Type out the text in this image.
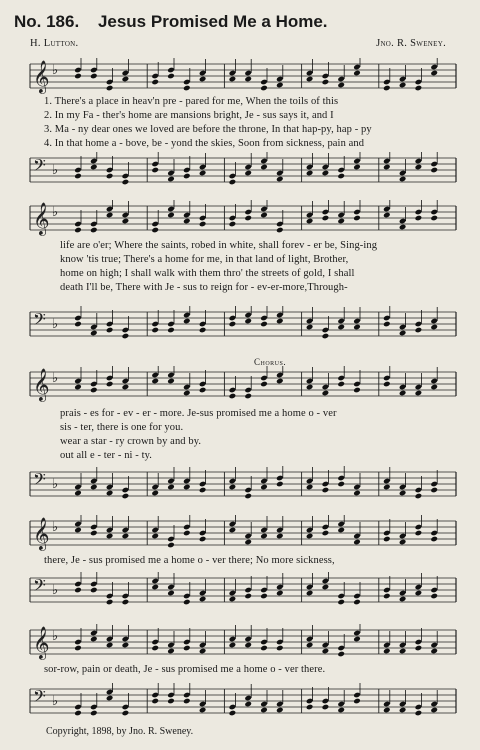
No. 186. Jesus Promised Me a Home.
H. Lutton.	Jno. R. Sweney.
𝄞 ♭
1. There's a place in heav'n pre - pared for me, When the toils of this
2. In my Fa - ther's home are mansions bright, Je - sus says it, and I
3. Ma - ny dear ones we loved are before the throne, In that hap-py, hap - py
4. In that home a - bove, be - yond the skies, Soon from sickness, pain and
𝄢 ♭
𝄞 ♭
life are o'er; Where the saints, robed in white, shall forev - er be, Sing-ing
know 'tis true; There's a home for me, in that land of light, Brother,
home on high; I shall walk with them thro' the streets of gold, I shall
death I'll be, There with Je - sus to reign for - ev-er-more,Through-
𝄢 ♭
Chorus.
𝄞 ♭
prais - es for - ev - er - more. Je-sus promised me a home o - ver
sis - ter, there is one for you.
wear a star - ry crown by and by.
out all e - ter - ni - ty.
𝄢 ♭
𝄞 ♭
there, Je - sus promised me a home o - ver there; No more sickness,
𝄢 ♭
𝄞 ♭
sor-row, pain or death, Je - sus promised me a home o - ver there.
𝄢 ♭
Copyright, 1898, by Jno. R. Sweney.
